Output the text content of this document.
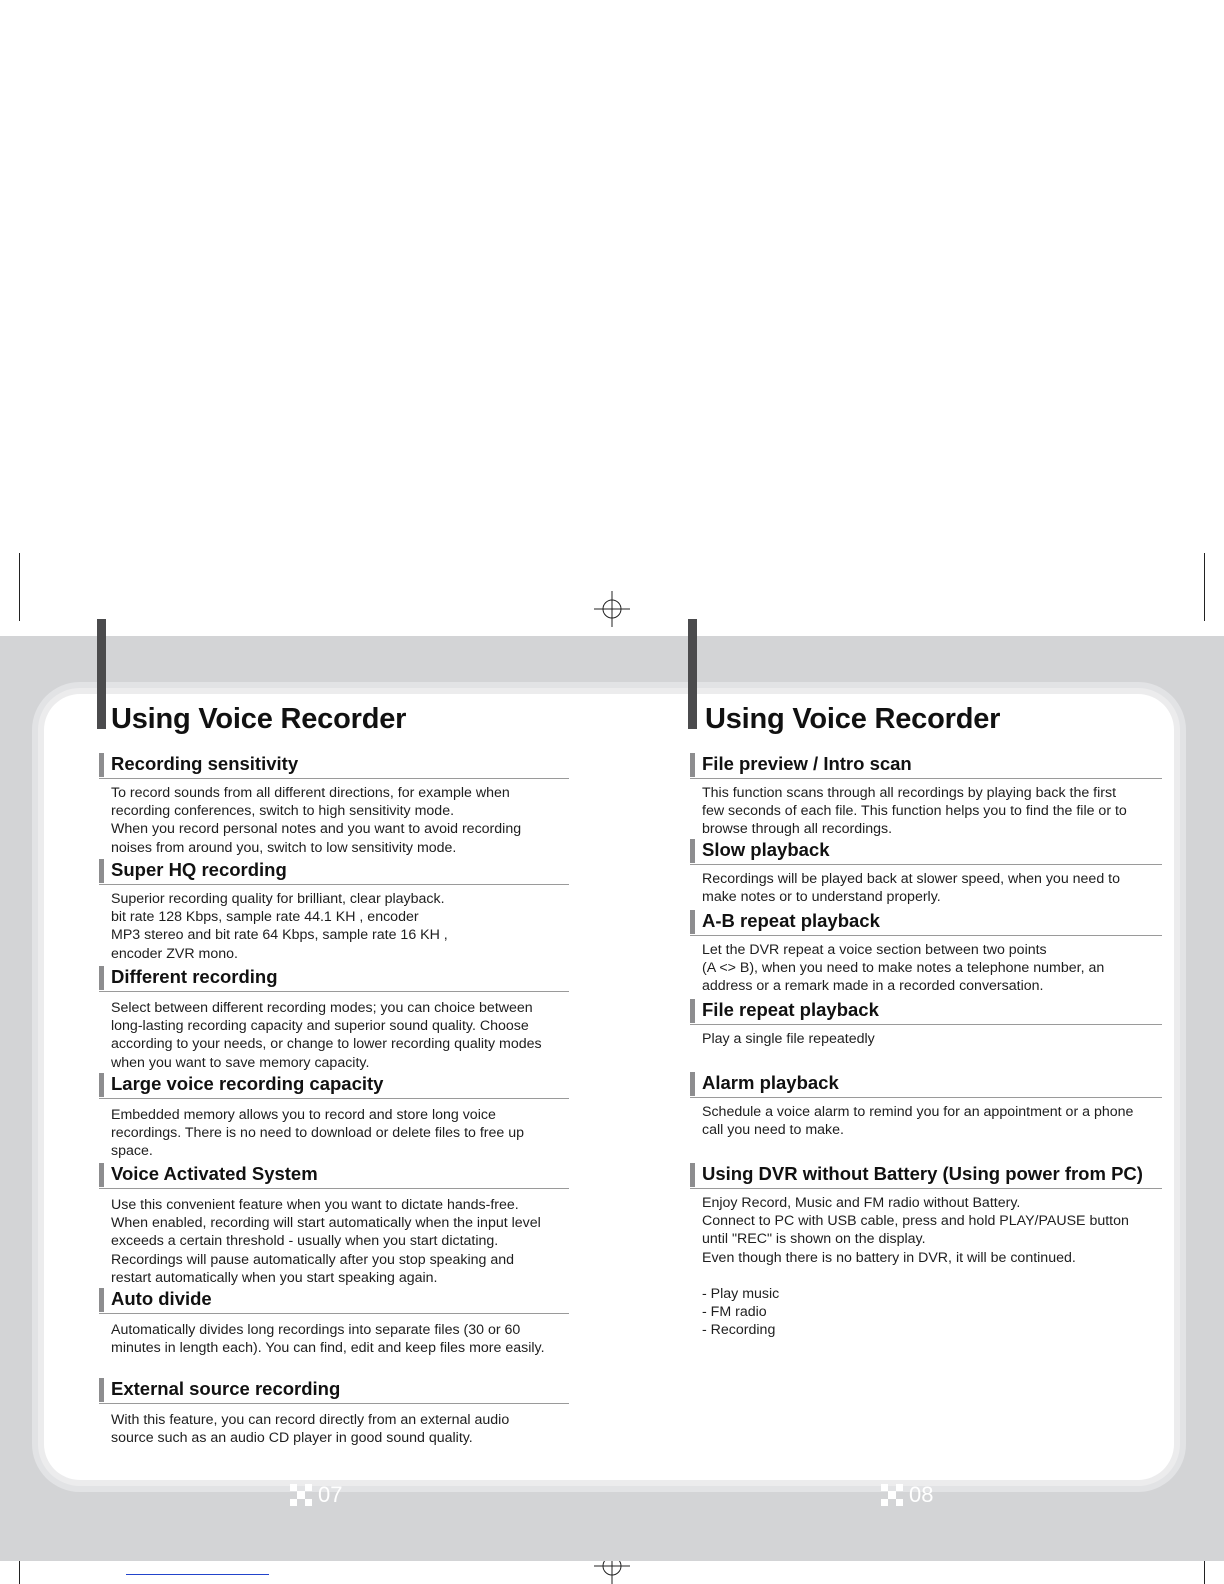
Using Voice Recorder	Using Voice Recorder
Recording sensitivity
To record sounds from all different directions, for example when
recording conferences, switch to high sensitivity mode.
When you record personal notes and you want to avoid recording
noises from around you, switch to low sensitivity mode.
Super HQ recording
Superior recording quality for brilliant, clear playback.
bit rate 128 Kbps, sample rate 44.1 KH , encoder
MP3 stereo and bit rate 64 Kbps, sample rate 16 KH ,
encoder ZVR mono.
Different recording
Select between different recording modes; you can choice between
long-lasting recording capacity and superior sound quality. Choose
according to your needs, or change to lower recording quality modes
when you want to save memory capacity.
Large voice recording capacity
Embedded memory allows you to record and store long voice
recordings. There is no need to download or delete files to free up
space.
Voice Activated System
Use this convenient feature when you want to dictate hands-free.
When enabled, recording will start automatically when the input level
exceeds a certain threshold - usually when you start dictating.
Recordings will pause automatically after you stop speaking and
restart automatically when you start speaking again.
Auto divide
Automatically divides long recordings into separate files (30 or 60
minutes in length each). You can find, edit and keep files more easily.
External source recording
With this feature, you can record directly from an external audio
source such as an audio CD player in good sound quality.
File preview / Intro scan
This function scans through all recordings by playing back the first
few seconds of each file. This function helps you to find the file or to
browse through all recordings.
Slow playback
Recordings will be played back at slower speed, when you need to
make notes or to understand properly.
A-B repeat playback
Let the DVR repeat a voice section between two points
(A <> B), when you need to make notes a telephone number, an
address or a remark made in a recorded conversation.
File repeat playback
Play a single file repeatedly
Alarm playback
Schedule a voice alarm to remind you for an appointment or a phone
call you need to make.
Using DVR without Battery (Using power from PC)
Enjoy Record, Music and FM radio without Battery.
Connect to PC with USB cable, press and hold PLAY/PAUSE button
until "REC" is shown on the display.
Even though there is no battery in DVR, it will be continued.
- Play music
- FM radio
- Recording
07	08
